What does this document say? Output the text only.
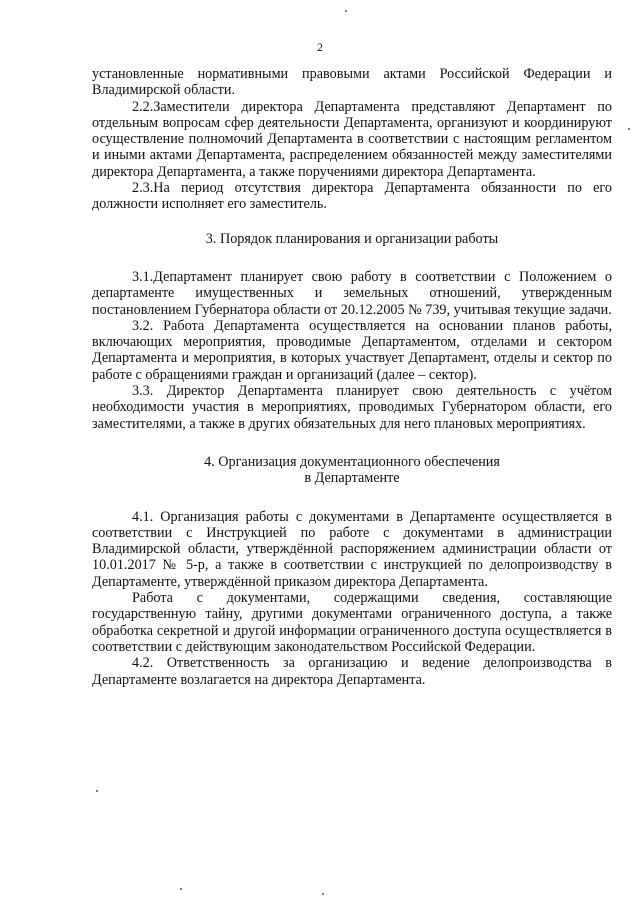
2

установленные нормативными правовыми актами Российской Федерации и Владимирской области.

2.2.Заместители директора Департамента представляют Департамент по отдельным вопросам сфер деятельности Департамента, организуют и координируют осуществление полномочий Департамента в соответствии с настоящим регламентом и иными актами Департамента, распределением обязанностей между заместителями директора Департамента, а также поручениями директора Департамента.

2.3.На период отсутствия директора Департамента обязанности по его должности исполняет его заместитель.

3. Порядок планирования и организации работы

3.1.Департамент планирует свою работу в соответствии с Положением о департаменте имущественных и земельных отношений, утвержденным постановлением Губернатора области от 20.12.2005 № 739, учитывая текущие задачи.

3.2. Работа Департамента осуществляется на основании планов работы, включающих мероприятия, проводимые Департаментом, отделами и сектором Департамента и мероприятия, в которых участвует Департамент, отделы и сектор по работе с обращениями граждан и организаций (далее – сектор).

3.3. Директор Департамента планирует свою деятельность с учётом необходимости участия в мероприятиях, проводимых Губернатором области, его заместителями, а также в других обязательных для него плановых мероприятиях.

4. Организация документационного обеспечения

в Департаменте

4.1. Организация работы с документами в Департаменте осуществляется в соответствии с Инструкцией по работе с документами в администрации Владимирской области, утверждённой распоряжением администрации области от 10.01.2017 № 5-р, а также в соответствии с инструкцией по делопроизводству в Департаменте, утверждённой приказом директора Департамента.

Работа с документами, содержащими сведения, составляющие государственную тайну, другими документами ограниченного доступа, а также обработка секретной и другой информации ограниченного доступа осуществляется в соответствии с действующим законодательством Российской Федерации.

4.2. Ответственность за организацию и ведение делопроизводства в Департаменте возлагается на директора Департамента.
